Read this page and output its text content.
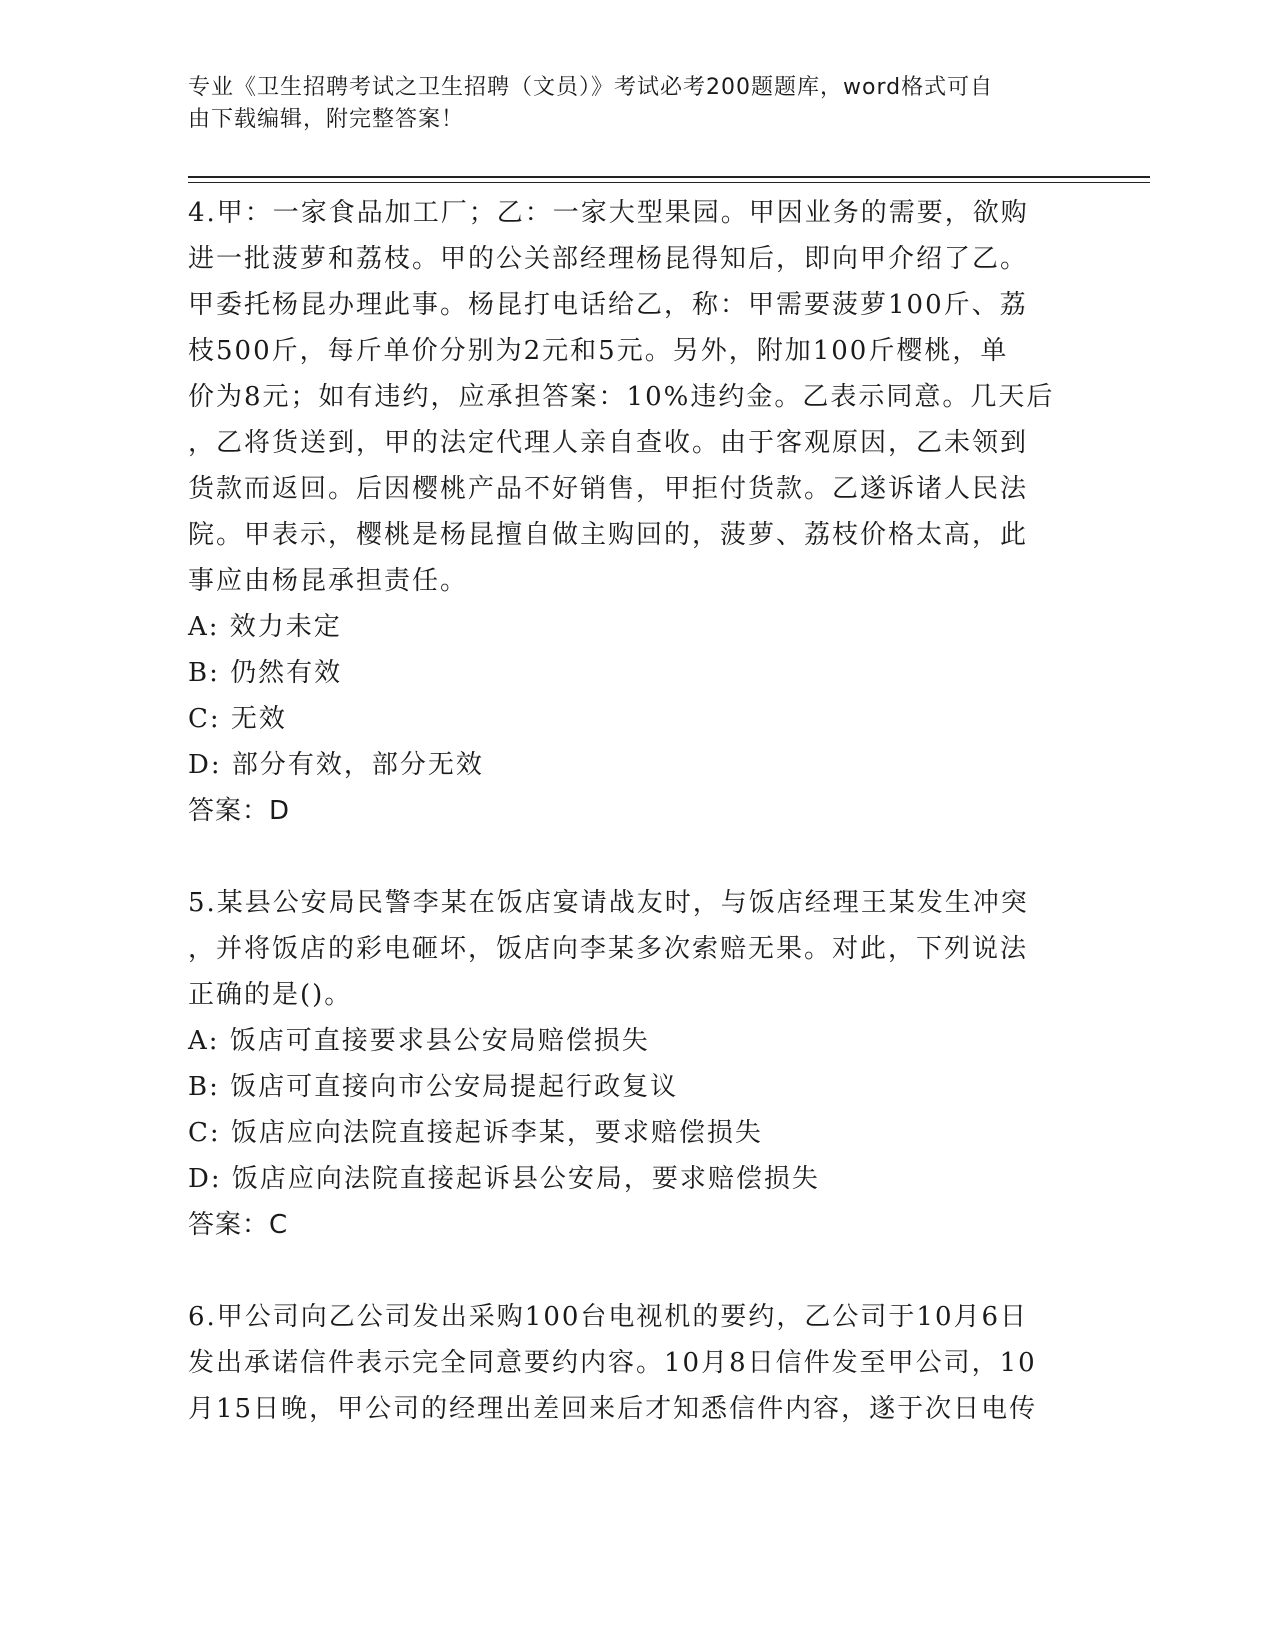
专业《卫生招聘考试之卫生招聘（文员）》考试必考200题题库，word格式可自
由下载编辑，附完整答案！
4.甲：一家食品加工厂；乙：一家大型果园。甲因业务的需要，欲购
进一批菠萝和荔枝。甲的公关部经理杨昆得知后，即向甲介绍了乙。
甲委托杨昆办理此事。杨昆打电话给乙，称：甲需要菠萝100斤、荔
枝500斤，每斤单价分别为2元和5元。另外，附加100斤樱桃，单
价为8元；如有违约，应承担答案：10%违约金。乙表示同意。几天后
，乙将货送到，甲的法定代理人亲自查收。由于客观原因，乙未领到
货款而返回。后因樱桃产品不好销售，甲拒付货款。乙遂诉诸人民法
院。甲表示，樱桃是杨昆擅自做主购回的，菠萝、荔枝价格太高，此
事应由杨昆承担责任。
A: 效力未定
B: 仍然有效
C: 无效
D: 部分有效，部分无效
答案：D
5.某县公安局民警李某在饭店宴请战友时，与饭店经理王某发生冲突
，并将饭店的彩电砸坏，饭店向李某多次索赔无果。对此，下列说法
正确的是()。
A: 饭店可直接要求县公安局赔偿损失
B: 饭店可直接向市公安局提起行政复议
C: 饭店应向法院直接起诉李某，要求赔偿损失
D: 饭店应向法院直接起诉县公安局，要求赔偿损失
答案：C
6.甲公司向乙公司发出采购100台电视机的要约，乙公司于10月6日
发出承诺信件表示完全同意要约内容。10月8日信件发至甲公司，10
月15日晚，甲公司的经理出差回来后才知悉信件内容，遂于次日电传
